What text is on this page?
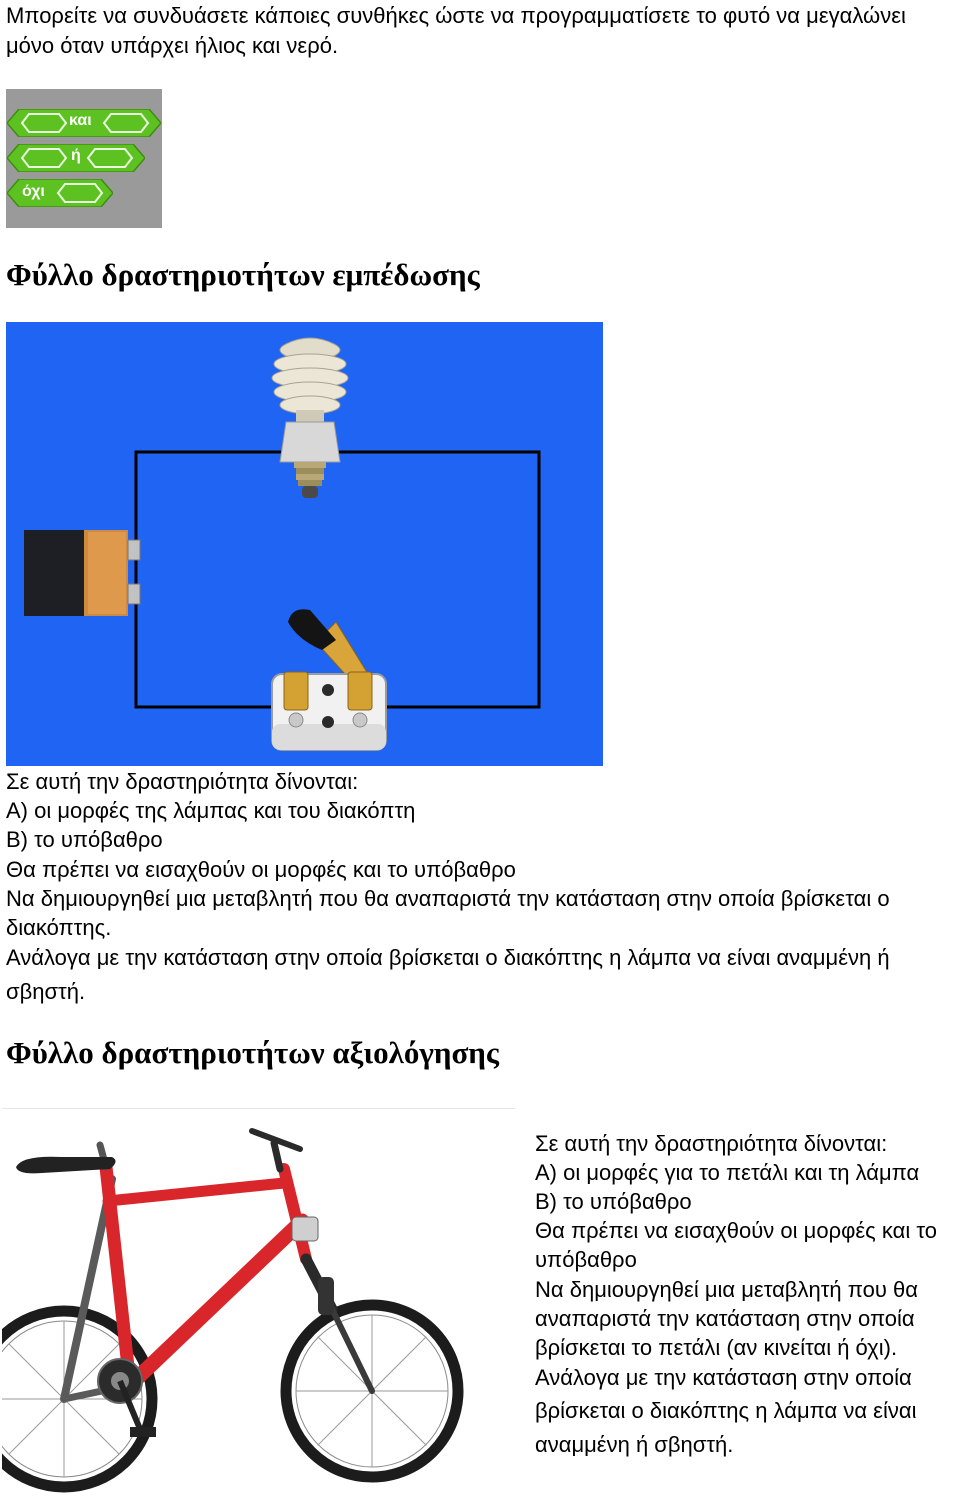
Μπορείτε να συνδυάσετε κάποιες συνθήκες ώστε να προγραμματίσετε το φυτό να μεγαλώνει
μόνο όταν υπάρχει ήλιος και νερό.
και
ή
όχι
Φύλλο δραστηριοτήτων εμπέδωσης
Σε αυτή την δραστηριότητα δίνονται:
Α) οι μορφές της λάμπας και του διακόπτη
Β) το υπόβαθρο
Θα πρέπει να εισαχθούν οι μορφές και το υπόβαθρο
Να δημιουργηθεί μια μεταβλητή που θα αναπαριστά την κατάσταση στην οποία βρίσκεται ο
διακόπτης.
Ανάλογα με την κατάσταση στην οποία βρίσκεται ο διακόπτης η λάμπα να είναι αναμμένη ή
σβηστή.
Φύλλο δραστηριοτήτων αξιολόγησης
SCHWINN
Σε αυτή την δραστηριότητα δίνονται:
Α) οι μορφές για το πετάλι και τη λάμπα
Β) το υπόβαθρο
Θα πρέπει να εισαχθούν οι μορφές και το
υπόβαθρο
Να δημιουργηθεί μια μεταβλητή που θα
αναπαριστά την κατάσταση στην οποία
βρίσκεται το πετάλι (αν κινείται ή όχι).
Ανάλογα με την κατάσταση στην οποία
βρίσκεται ο διακόπτης η λάμπα να είναι
αναμμένη ή σβηστή.
